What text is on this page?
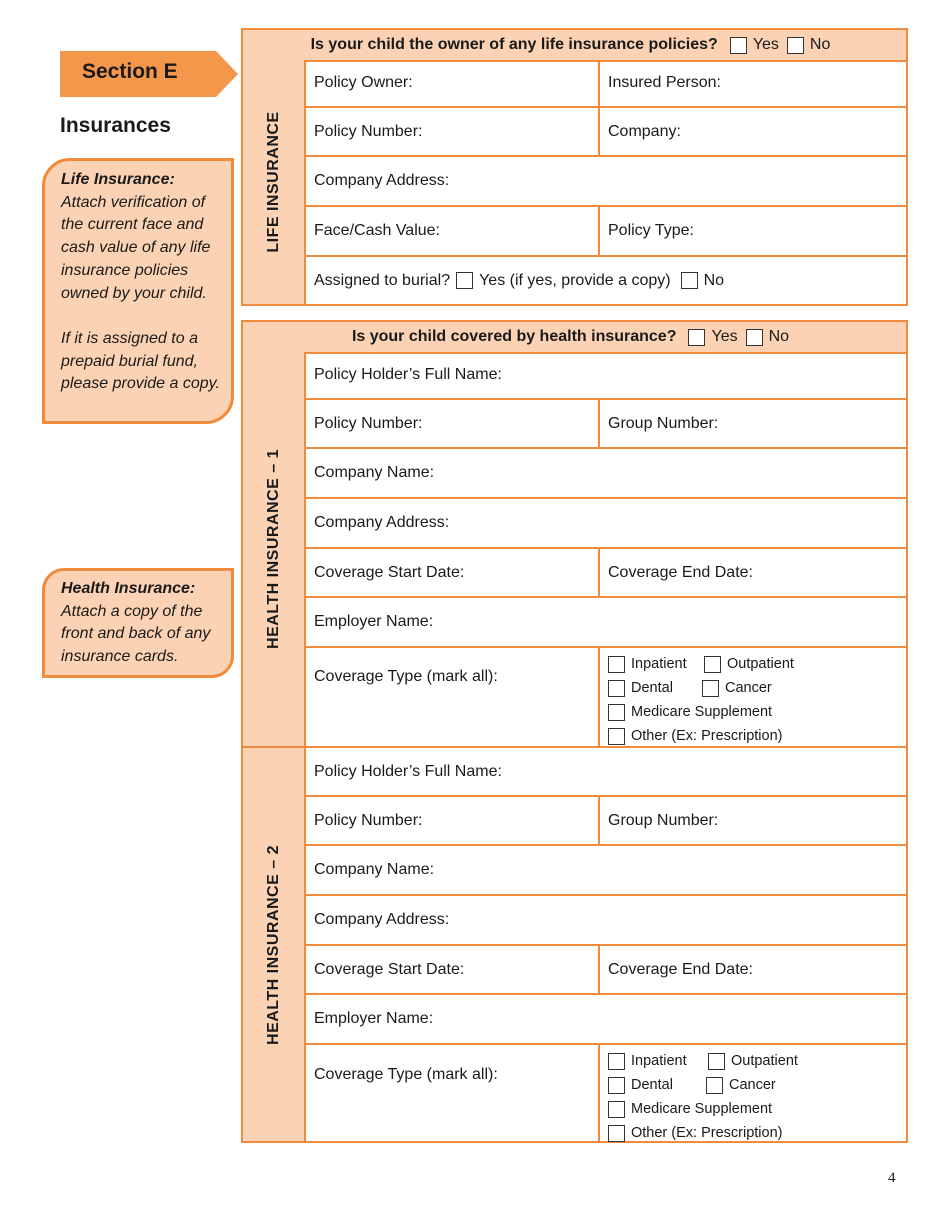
Section E
Insurances

Life Insurance:

Attach verification of the current face and cash value of any life insurance policies owned by your child.

If it is assigned to a prepaid burial fund, please provide a copy.

Health Insurance:

Attach a copy of the front and back of any insurance cards.

Is your child the owner of any life insurance policies? Yes No
LIFE INSURANCE
Policy Owner:	Insured Person:
Policy Number:	Company:
Company Address:
Face/Cash Value:	Policy Type:
Assigned to burial? Yes (if yes, provide a copy) No
Is your child covered by health insurance? Yes No
HEALTH INSURANCE – 1
Policy Holder’s Full Name:
Policy Number:	Group Number:
Company Name:
Company Address:
Coverage Start Date:	Coverage End Date:
Employer Name:
Coverage Type (mark all):
Inpatient	Outpatient
Dental	Cancer
Medicare Supplement
Other (Ex: Prescription)
HEALTH INSURANCE – 2
Policy Holder’s Full Name:
Policy Number:	Group Number:
Company Name:
Company Address:
Coverage Start Date:	Coverage End Date:
Employer Name:
Coverage Type (mark all):
Inpatient	Outpatient
Dental	Cancer
Medicare Supplement
Other (Ex: Prescription)
4
